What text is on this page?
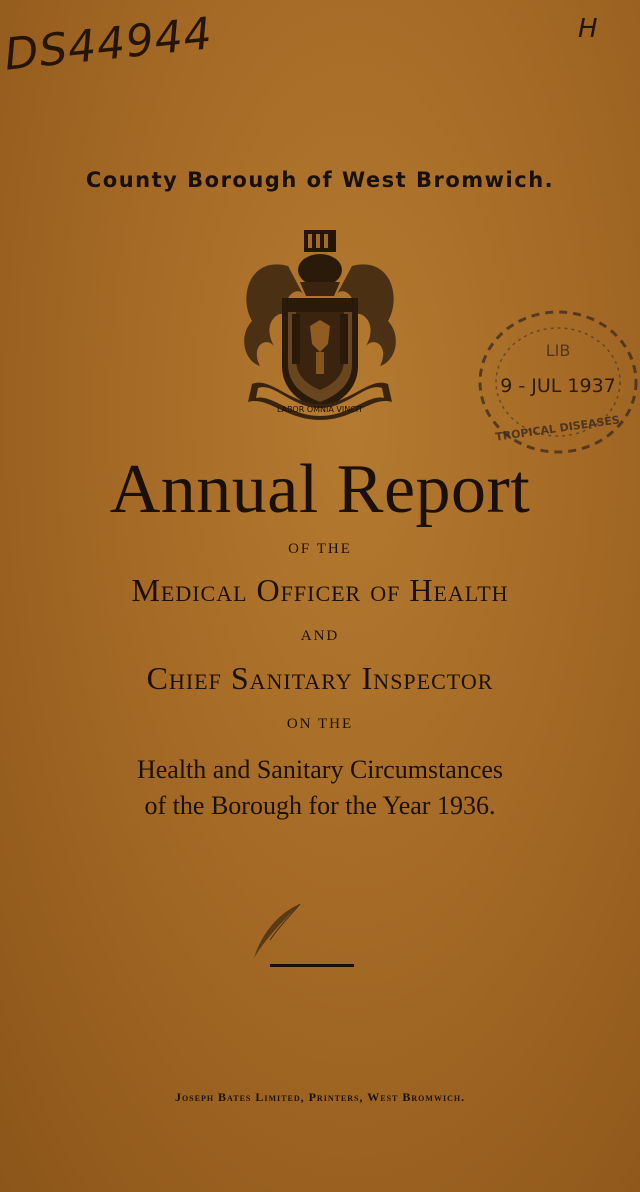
DS44944	H
County Borough of West Bromwich.
LABOR OMNIA VINCIT
LIB
9 - JUL 1937
TROPICAL DISEASES
Annual Report
OF THE
Medical Officer of Health
AND
Chief Sanitary Inspector
ON THE
Health and Sanitary Circumstances
of the Borough for the Year 1936.
Joseph Bates Limited, Printers, West Bromwich.
